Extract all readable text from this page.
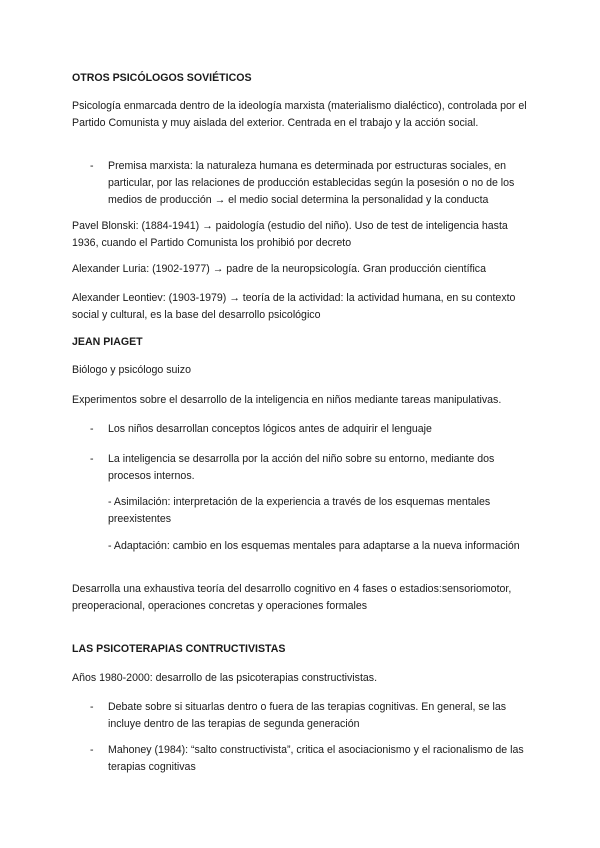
OTROS PSICÓLOGOS SOVIÉTICOS

Psicología enmarcada dentro de la ideología marxista (materialismo dialéctico), controlada por el Partido Comunista y muy aislada del exterior. Centrada en el trabajo y la acción social.

- Premisa marxista: la naturaleza humana es determinada por estructuras sociales, en particular, por las relaciones de producción establecidas según la posesión o no de los medios de producción → el medio social determina la personalidad y la conducta

Pavel Blonski: (1884-1941) → paidología (estudio del niño). Uso de test de inteligencia hasta 1936, cuando el Partido Comunista los prohibió por decreto

Alexander Luria: (1902-1977) → padre de la neuropsicología. Gran producción científica

Alexander Leontiev: (1903-1979) → teoría de la actividad: la actividad humana, en su contexto social y cultural, es la base del desarrollo psicológico

JEAN PIAGET

Biólogo y psicólogo suizo

Experimentos sobre el desarrollo de la inteligencia en niños mediante tareas manipulativas.

- Los niños desarrollan conceptos lógicos antes de adquirir el lenguaje
- La inteligencia se desarrolla por la acción del niño sobre su entorno, mediante dos procesos internos.

- Asimilación: interpretación de la experiencia a través de los esquemas mentales preexistentes

- Adaptación: cambio en los esquemas mentales para adaptarse a la nueva información

Desarrolla una exhaustiva teoría del desarrollo cognitivo en 4 fases o estadios:sensoriomotor, preoperacional, operaciones concretas y operaciones formales

LAS PSICOTERAPIAS CONTRUCTIVISTAS

Años 1980-2000: desarrollo de las psicoterapias constructivistas.

- Debate sobre si situarlas dentro o fuera de las terapias cognitivas. En general, se las incluye dentro de las terapias de segunda generación
- Mahoney (1984): “salto constructivista”, critica el asociacionismo y el racionalismo de las terapias cognitivas
